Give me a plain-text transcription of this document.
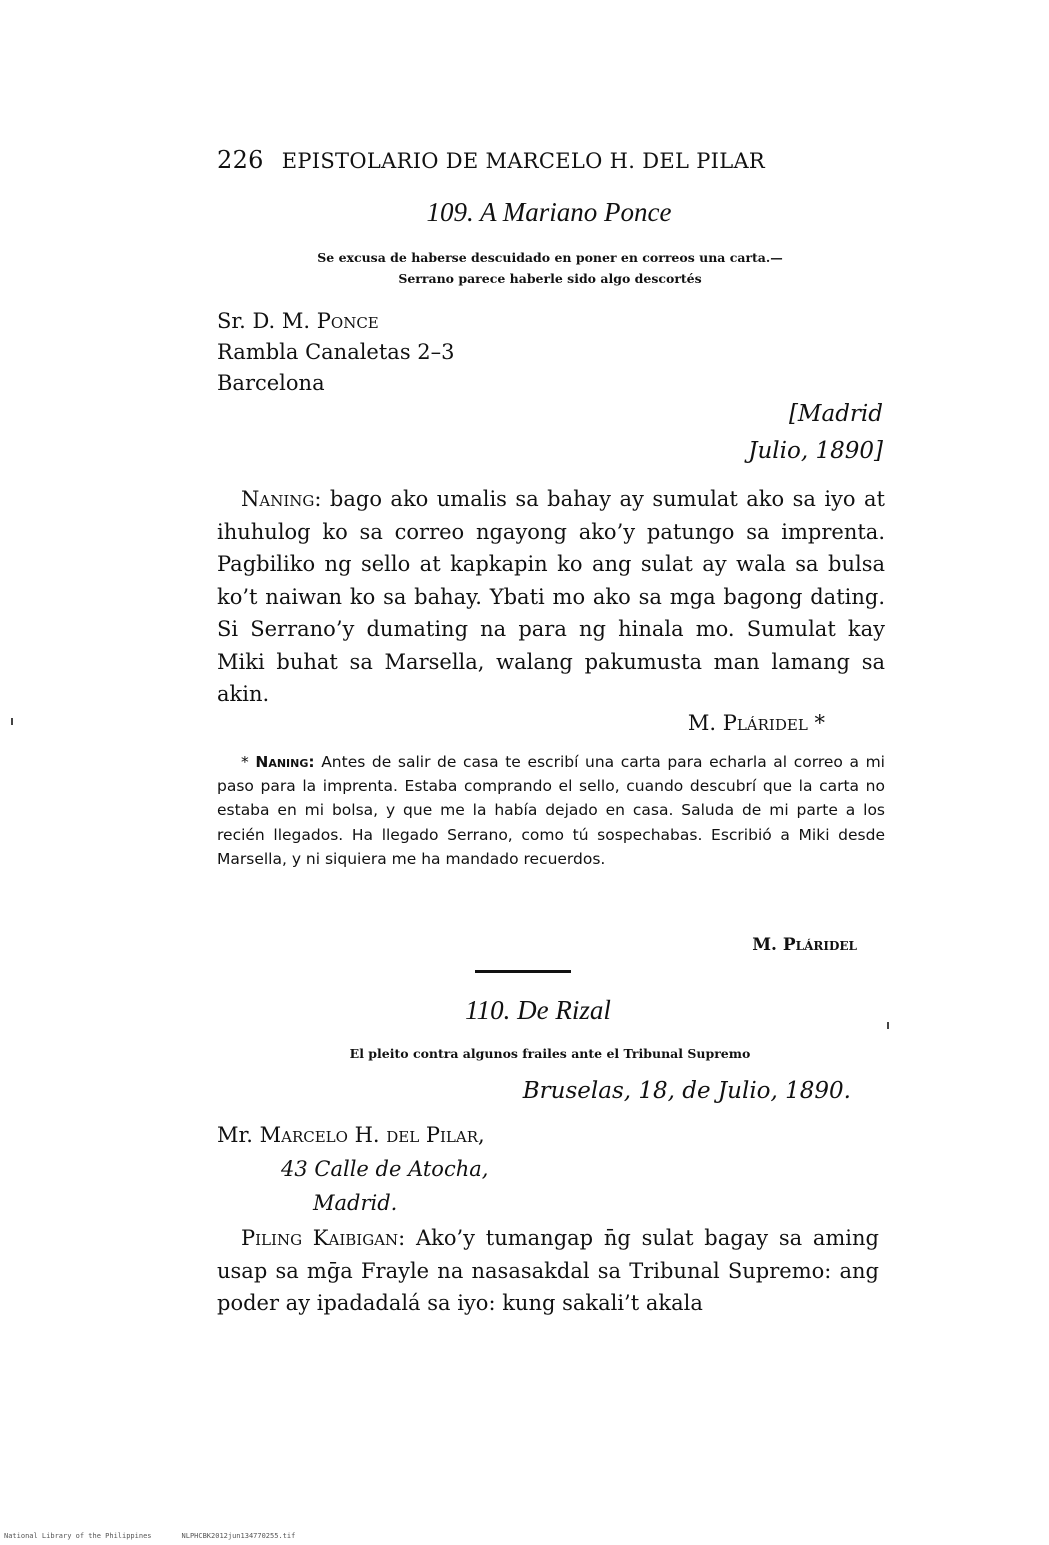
226 EPISTOLARIO DE MARCELO H. DEL PILAR
109. A Mariano Ponce
Se excusa de haberse descuidado en poner en correos una carta.—
Serrano parece haberle sido algo descortés
Sr. D. M. Ponce
Rambla Canaletas 2–3
Barcelona
[Madrid
Julio, 1890]
Naning: bago ako umalis sa bahay ay sumulat ako sa iyo at ihuhulog ko sa correo ngayong ako’y patungo sa imprenta. Pagbiliko ng sello at kapkapin ko ang sulat ay wala sa bulsa ko’t naiwan ko sa bahay. Ybati mo ako sa mga bagong dating. Si Serrano’y dumating na para ng hinala mo. Sumulat kay Miki buhat sa Marsella, walang pakumusta man lamang sa akin.
M. Pláridel *
* Naning: Antes de salir de casa te escribí una carta para echarla al correo a mi paso para la imprenta. Estaba comprando el sello, cuando descubrí que la carta no estaba en mi bolsa, y que me la había dejado en casa. Saluda de mi parte a los recién llegados. Ha llegado Serrano, como tú sospechabas. Escribió a Miki desde Marsella, y ni siquiera me ha mandado recuerdos.
M. Pláridel
110. De Rizal
El pleito contra algunos frailes ante el Tribunal Supremo
Bruselas, 18, de Julio, 1890.
Mr. Marcelo H. del Pilar,
43 Calle de Atocha,
Madrid.
Piling Kaibigan: Ako’y tumangap n̄g sulat bagay sa aming usap sa mḡa Frayle na nasasakdal sa Tribunal Supremo: ang poder ay ipadadalá sa iyo: kung sakali’t akala
National Library of the Philippines	NLPHCBK2012jun134770255.tif
